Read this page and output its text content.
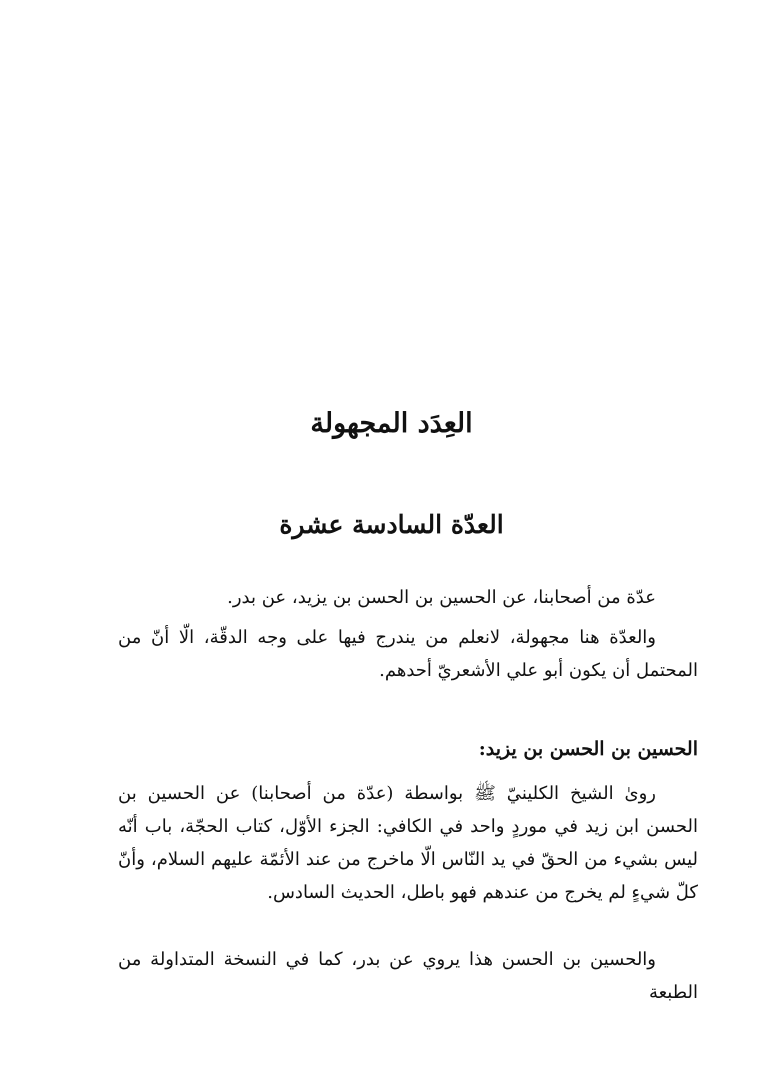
العِدَد المجهولة
العدّة السادسة عشرة

عدّة من أصحابنا، عن الحسين بن الحسن بن يزيد، عن بدر.

والعدّة هنا مجهولة، لانعلم من يندرج فيها على وجه الدقّة، الّا أنّ من المحتمل أن يكون أبو علي الأشعريّ أحدهم.

الحسين بن الحسن بن يزيد:

روىٰ الشيخ الكلينيّ ﷺ بواسطة (عدّة من أصحابنا) عن الحسين بن الحسن ابن زيد في موردٍ واحد في الكافي: الجزء الأوّل، كتاب الحجّة، باب أنّه ليس بشيء من الحقّ في يد النّاس الّا ماخرج من عند الأئمّة عليهم السلام، وأنّ كلّ شيءٍ لم يخرج من عندهم فهو باطل، الحديث السادس.

والحسين بن الحسن هذا يروي عن بدر، كما في النسخة المتداولة من الطبعة
